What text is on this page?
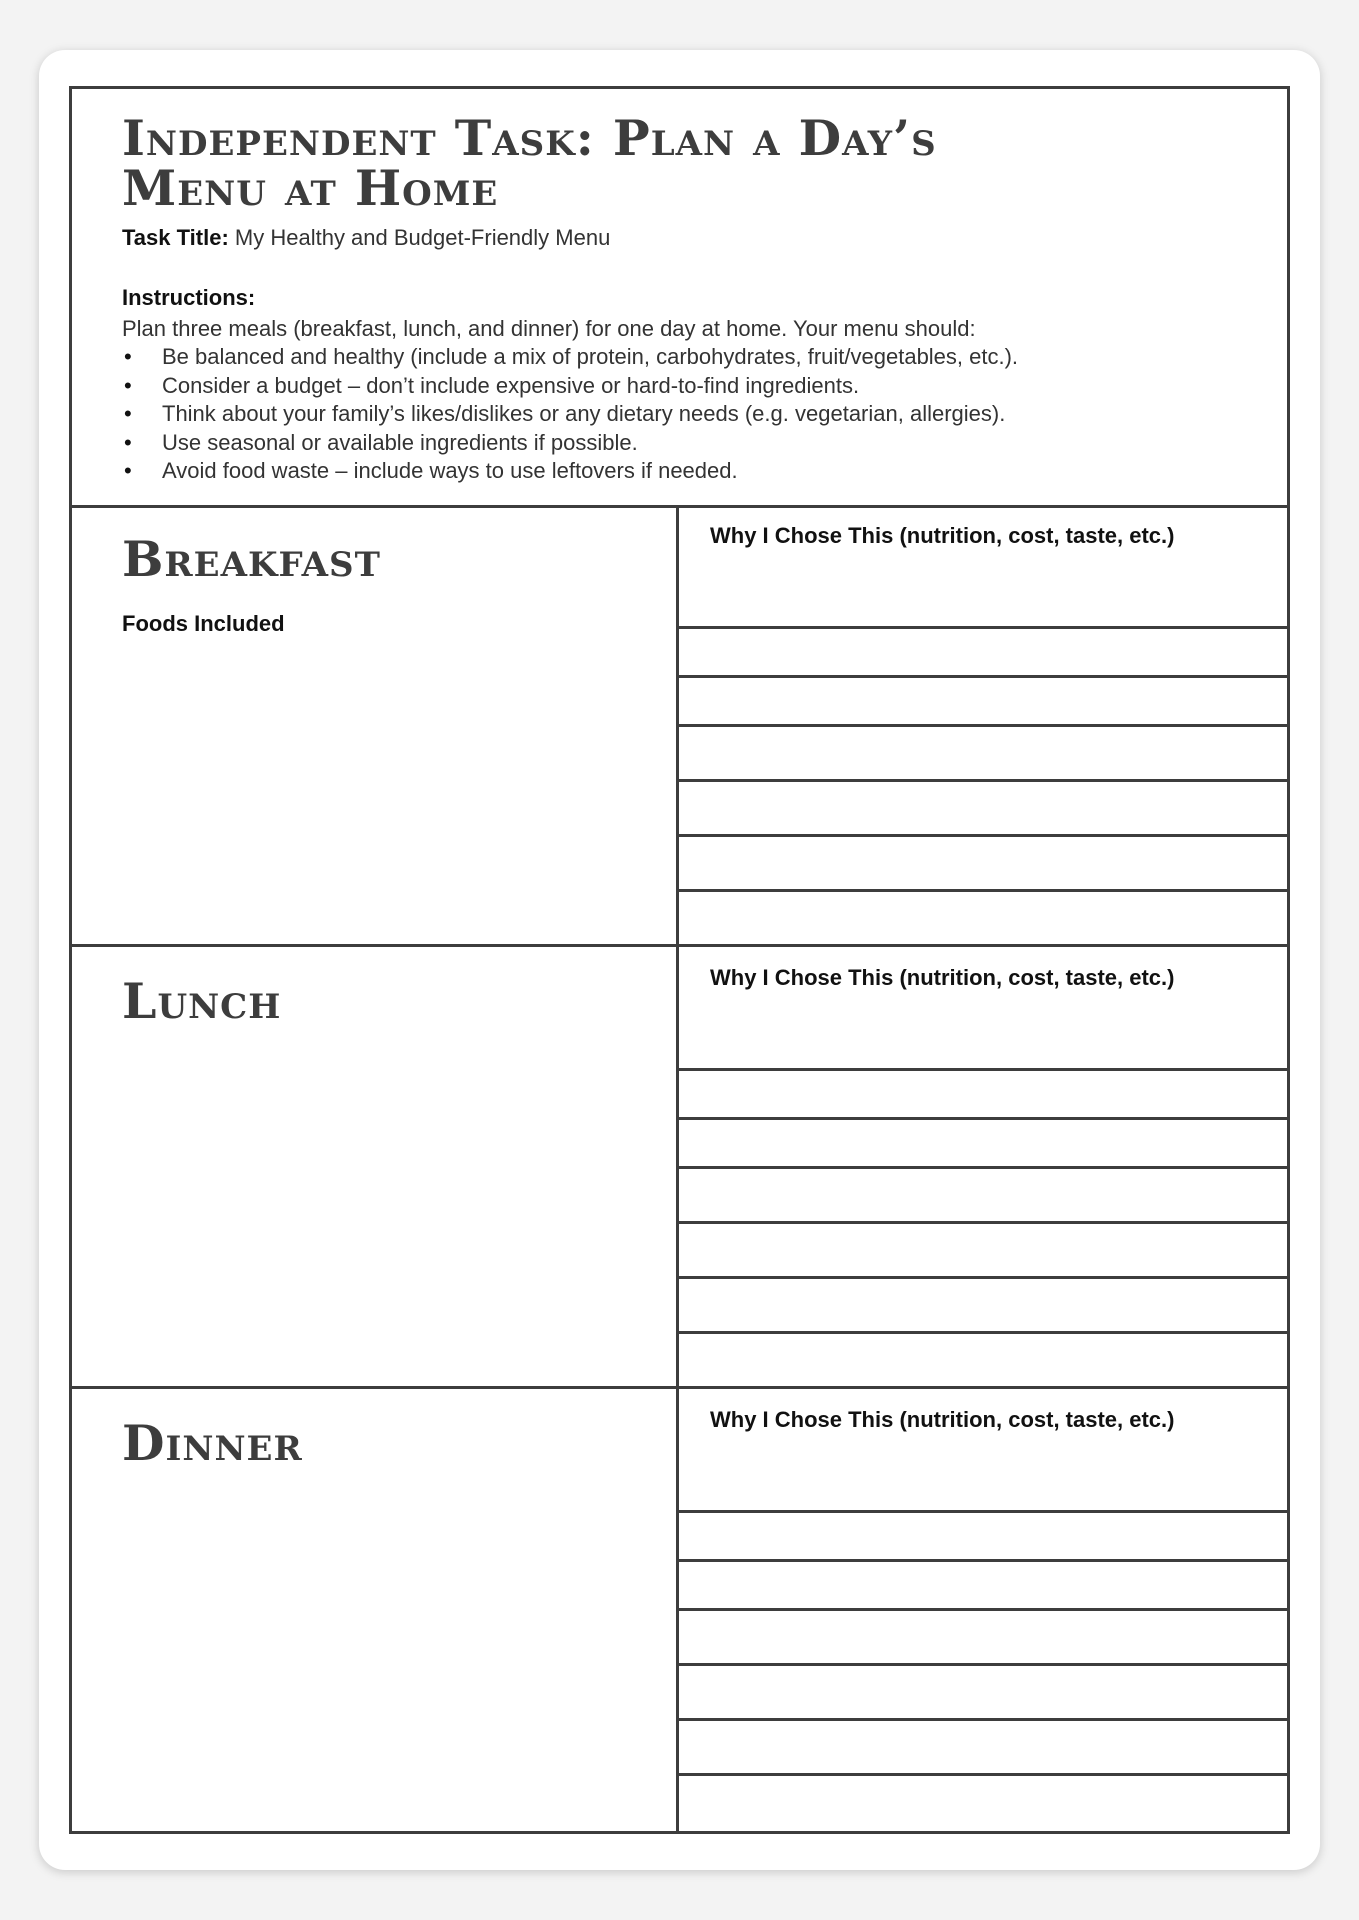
Independent Task: Plan a Day’s Menu at Home
Task Title: My Healthy and Budget-Friendly Menu
Instructions:
Plan three meals (breakfast, lunch, and dinner) for one day at home. Your menu should:
• Be balanced and healthy (include a mix of protein, carbohydrates, fruit/vegetables, etc.).
• Consider a budget – don’t include expensive or hard-to-find ingredients.
• Think about your family’s likes/dislikes or any dietary needs (e.g. vegetarian, allergies).
• Use seasonal or available ingredients if possible.
• Avoid food waste – include ways to use leftovers if needed.
Breakfast
Foods Included
Why I Chose This (nutrition, cost, taste, etc.)
Lunch	Why I Chose This (nutrition, cost, taste, etc.)
Dinner	Why I Chose This (nutrition, cost, taste, etc.)
